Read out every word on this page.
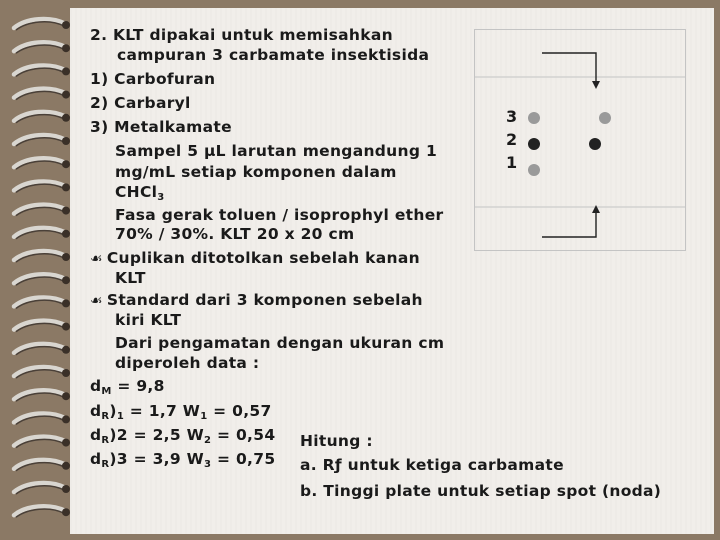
2. KLT dipakai untuk memisahkan
campuran 3 carbamate insektisida
1) Carbofuran
2) Carbaryl
3) Metalkamate
Sampel 5 µL larutan mengandung 1
mg/mL setiap komponen dalam
CHCl$_3$
Fasa gerak toluen / isoprophyl ether
70% / 30%. KLT 20 x 20 cm
☙ Cuplikan ditotolkan sebelah kanan
KLT
☙ Standard dari 3 komponen sebelah
kiri KLT
Dari pengamatan dengan ukuran cm
diperoleh data :
$d_M = 9,8$
$d_R)_1 = 1,7$ $W_1 = 0,57$
$d_R)2 = 2,5$ $W_2 = 0,54$
$d_R)3 = 3,9$ $W_3 = 0,75$
3
2
1
Hitung :
a. Rƒ untuk ketiga carbamate
b. Tinggi plate untuk setiap spot (noda)
